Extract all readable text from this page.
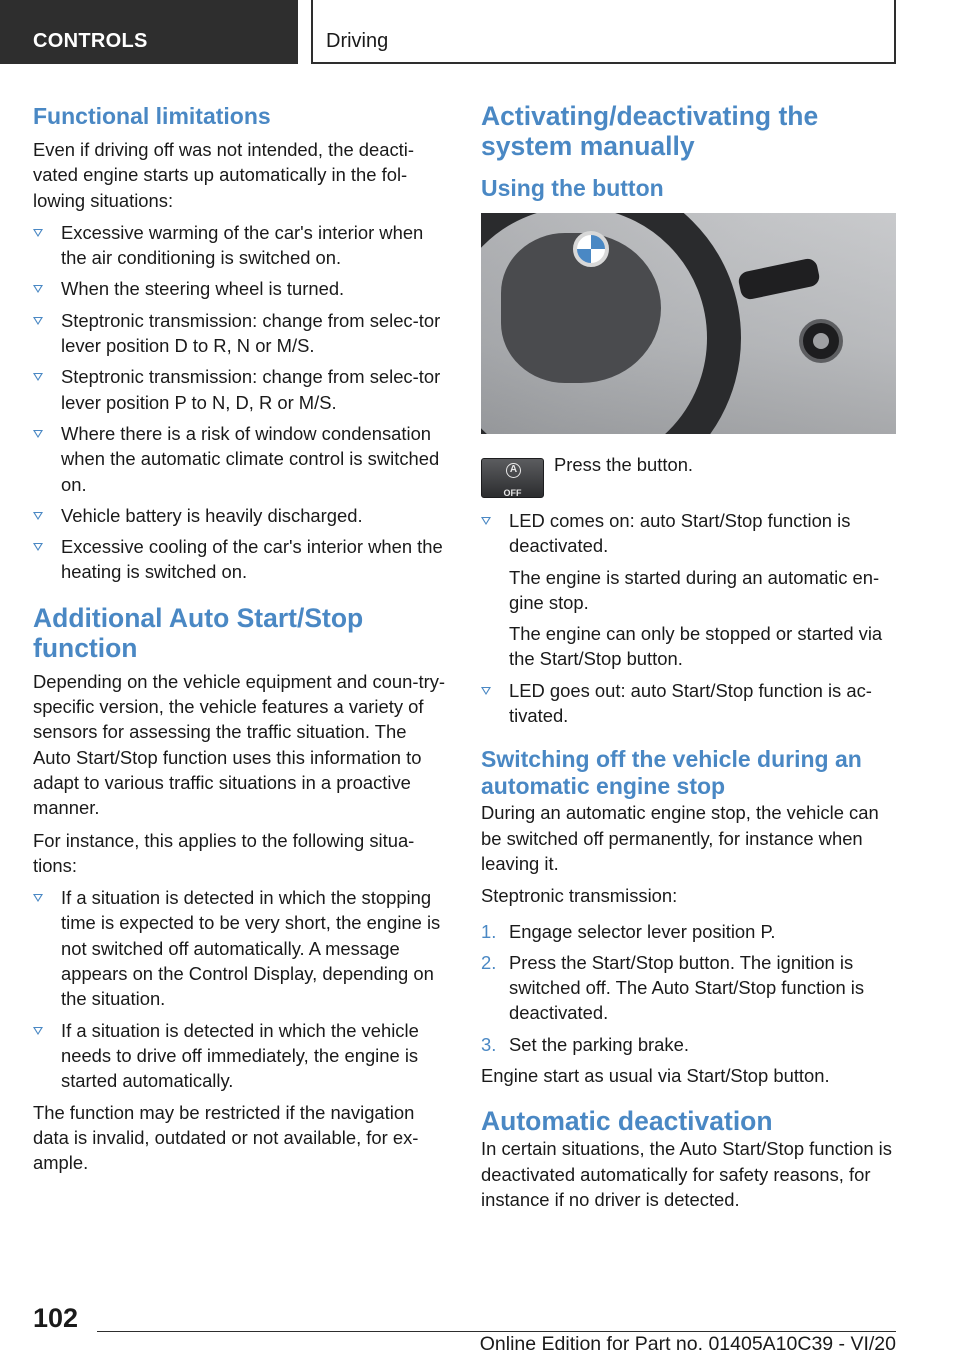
CONTROLS	Driving
Functional limitations

Even if driving off was not intended, the deacti-vated engine starts up automatically in the fol-lowing situations:

Excessive warming of the car's interior when the air conditioning is switched on.
When the steering wheel is turned.
Steptronic transmission: change from selec-tor lever position D to R, N or M/S.
Steptronic transmission: change from selec-tor lever position P to N, D, R or M/S.
Where there is a risk of window condensation when the automatic climate control is switched on.
Vehicle battery is heavily discharged.
Excessive cooling of the car's interior when the heating is switched on.
Additional Auto Start/Stop function

Depending on the vehicle equipment and coun-try-specific version, the vehicle features a variety of sensors for assessing the traffic situation. The Auto Start/Stop function uses this information to adapt to various traffic situations in a proactive manner.

For instance, this applies to the following situa-tions:

If a situation is detected in which the stopping time is expected to be very short, the engine is not switched off automatically. A message appears on the Control Display, depending on the situation.
If a situation is detected in which the vehicle needs to drive off immediately, the engine is started automatically.

The function may be restricted if the navigation data is invalid, outdated or not available, for ex-ample.

Activating/deactivating the system manually
Using the button
A
OFF
Press the button.
LED comes on: auto Start/Stop function is deactivated.
The engine is started during an automatic en-gine stop.
The engine can only be stopped or started via the Start/Stop button.
LED goes out: auto Start/Stop function is ac-tivated.
Switching off the vehicle during an automatic engine stop

During an automatic engine stop, the vehicle can be switched off permanently, for instance when leaving it.

Steptronic transmission:

1. Engage selector lever position P.
2. Press the Start/Stop button. The ignition is switched off. The Auto Start/Stop function is deactivated.
3. Set the parking brake.

Engine start as usual via Start/Stop button.

Automatic deactivation

In certain situations, the Auto Start/Stop function is deactivated automatically for safety reasons, for instance if no driver is detected.

102
Online Edition for Part no. 01405A10C39 - VI/20
